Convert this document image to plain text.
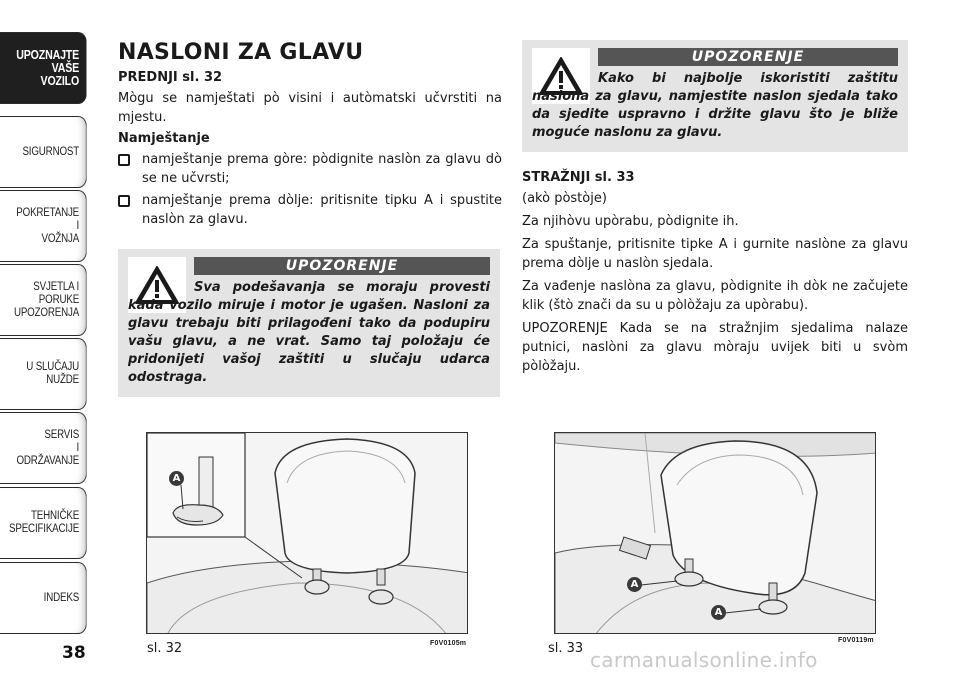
UPOZNAJTE
VAŠE
VOZILO
SIGURNOST
POKRETANJE
I
VOŽNJA
SVJETLA I
PORUKE
UPOZORENJA
U SLUČAJU
NUŽDE
SERVIS
I
ODRŽAVANJE
TEHNIČKE
SPECIFIKACIJE
INDEKS
38
NASLONI ZA GLAVU
PREDNJI sl. 32

Mògu se namještati pò visini i autòmatski učvrstiti na mjestu.

Namještanje
namještanje prema gòre: pòdignite naslòn za glavu dò se ne učvrsti;
namještanje prema dòlje: pritisnite tipku A i spustite naslòn za glavu.
UPOZORENJE
Sva podešavanja se moraju provesti kada vozilo miruje i motor je ugašen. Nasloni za glavu trebaju biti prilagođeni tako da podupiru vašu glavu, a ne vrat. Samo taj položaju će pridonijeti vašoj zaštiti u slučaju udarca odostraga.
UPOZORENJE
Kako bi najbolje iskoristiti zaštitu naslona za glavu, namjestite naslon sjedala tako da sjedite uspravno i držite glavu što je bliže moguće naslonu za glavu.
STRAŽNJI sl. 33

(akò pòstòje)

Za njihòvu upòrabu, pòdignite ih.

Za spuštanje, pritisnite tipke A i gurnite naslòne za glavu prema dòlje u naslòn sjedala.

Za vađenje naslòna za glavu, pòdignite ih dòk ne začujete klik (štò znači da su u pòlòžaju za upòrabu).

UPOZORENJE Kada se na stražnjim sjedalima nalaze putnici, naslòni za glavu mòraju uvijek biti u svòm pòlòžaju.

A
sl. 32	F0V0105m
A
A
sl. 33
F0V0119m
carmanualsonline.info
